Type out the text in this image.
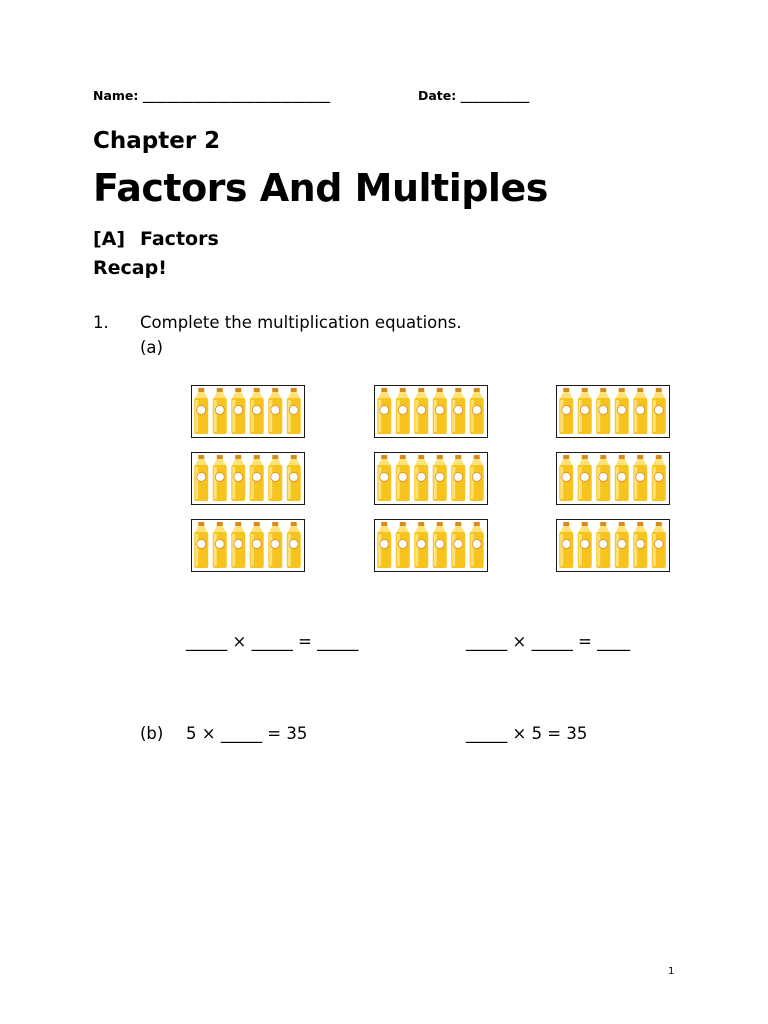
Name: ______________________________	Date: ___________
Chapter 2
Factors And Multiples
[A] Factors
Recap!
1. Complete the multiplication equations.
(a)
_____ × _____ = _____	_____ × _____ = ____
(b) 5 × _____ = 35	_____ × 5 = 35
1
